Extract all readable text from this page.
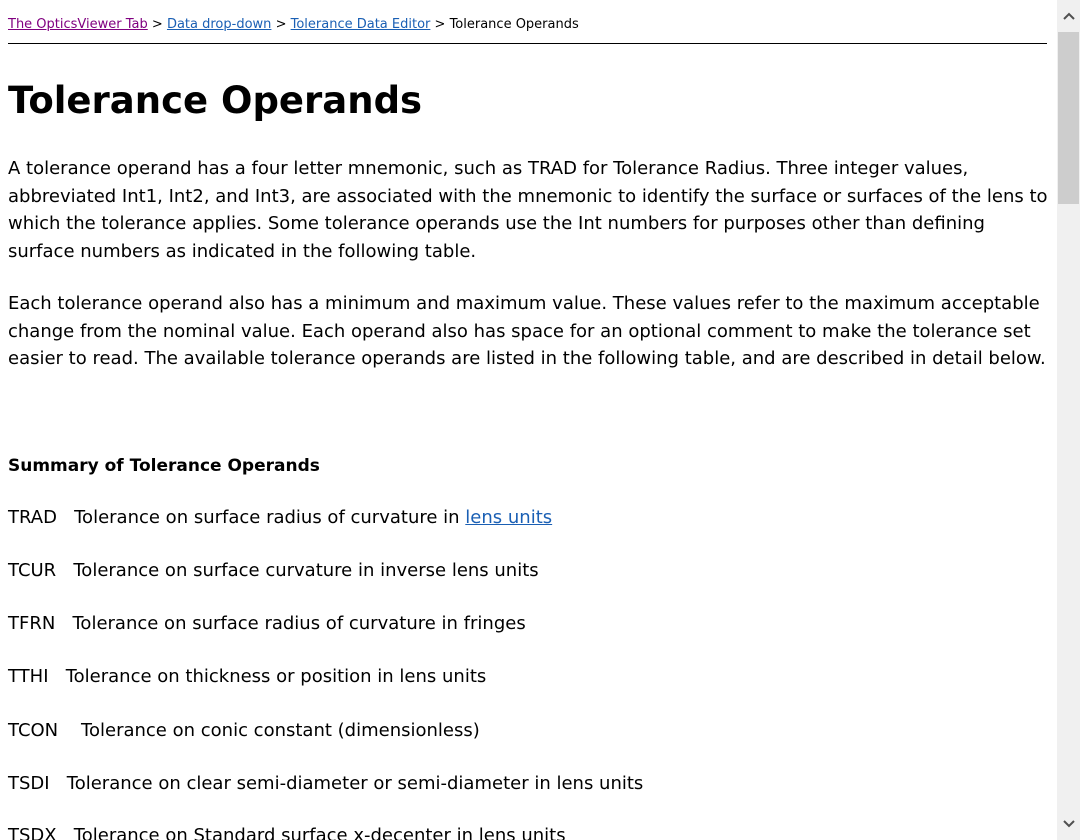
The OpticsViewer Tab > Data drop-down > Tolerance Data Editor > Tolerance Operands
Tolerance Operands

A tolerance operand has a four letter mnemonic, such as TRAD for Tolerance Radius. Three integer values, abbreviated Int1, Int2, and Int3, are associated with the mnemonic to identify the surface or surfaces of the lens to which the tolerance applies. Some tolerance operands use the Int numbers for purposes other than defining surface numbers as indicated in the following table.

Each tolerance operand also has a minimum and maximum value. These values refer to the maximum acceptable change from the nominal value. Each operand also has space for an optional comment to make the tolerance set easier to read. The available tolerance operands are listed in the following table, and are described in detail below.

Summary of Tolerance Operands

TRAD Tolerance on surface radius of curvature in lens units

TCUR Tolerance on surface curvature in inverse lens units

TFRN Tolerance on surface radius of curvature in fringes

TTHI Tolerance on thickness or position in lens units

TCON Tolerance on conic constant (dimensionless)

TSDI Tolerance on clear semi-diameter or semi-diameter in lens units

TSDX Tolerance on Standard surface x-decenter in lens units
